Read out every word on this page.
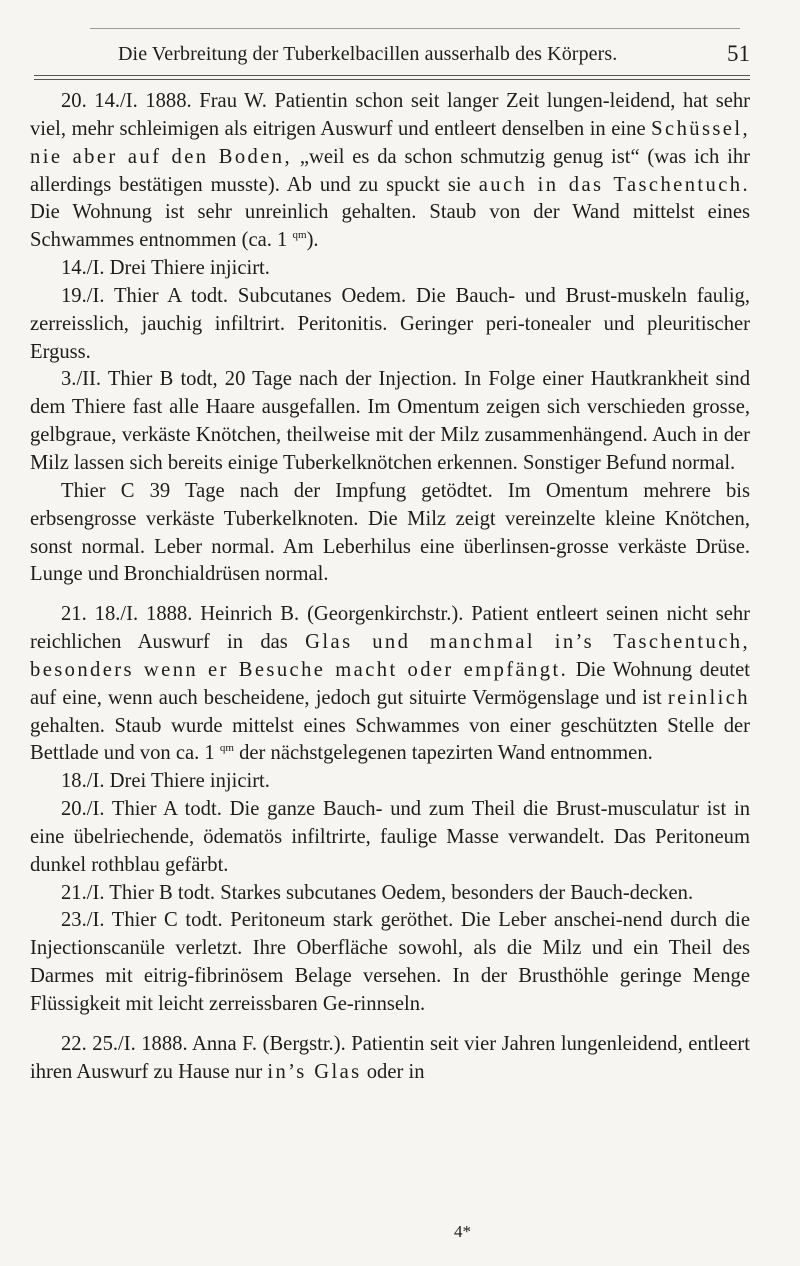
Die Verbreitung der Tuberkelbacillen ausserhalb des Körpers.	51

20. 14./I. 1888. Frau W. Patientin schon seit langer Zeit lungen-leidend, hat sehr viel, mehr schleimigen als eitrigen Auswurf und entleert denselben in eine Schüssel, nie aber auf den Boden, „weil es da schon schmutzig genug ist“ (was ich ihr allerdings bestätigen musste). Ab und zu spuckt sie auch in das Taschentuch. Die Wohnung ist sehr unreinlich gehalten. Staub von der Wand mittelst eines Schwammes entnommen (ca. 1 $^{qm}$).

14./I. Drei Thiere injicirt.

19./I. Thier A todt. Subcutanes Oedem. Die Bauch- und Brust-muskeln faulig, zerreisslich, jauchig infiltrirt. Peritonitis. Geringer peri-tonealer und pleuritischer Erguss.

3./II. Thier B todt, 20 Tage nach der Injection. In Folge einer Hautkrankheit sind dem Thiere fast alle Haare ausgefallen. Im Omentum zeigen sich verschieden grosse, gelbgraue, verkäste Knötchen, theilweise mit der Milz zusammenhängend. Auch in der Milz lassen sich bereits einige Tuberkelknötchen erkennen. Sonstiger Befund normal.

Thier C 39 Tage nach der Impfung getödtet. Im Omentum mehrere bis erbsengrosse verkäste Tuberkelknoten. Die Milz zeigt vereinzelte kleine Knötchen, sonst normal. Leber normal. Am Leberhilus eine überlinsen-grosse verkäste Drüse. Lunge und Bronchialdrüsen normal.

21. 18./I. 1888. Heinrich B. (Georgenkirchstr.). Patient entleert seinen nicht sehr reichlichen Auswurf in das Glas und manchmal in’s Taschentuch, besonders wenn er Besuche macht oder empfängt. Die Wohnung deutet auf eine, wenn auch bescheidene, jedoch gut situirte Vermögenslage und ist reinlich gehalten. Staub wurde mittelst eines Schwammes von einer geschützten Stelle der Bettlade und von ca. 1 $^{qm}$ der nächstgelegenen tapezirten Wand entnommen.

18./I. Drei Thiere injicirt.

20./I. Thier A todt. Die ganze Bauch- und zum Theil die Brust-musculatur ist in eine übelriechende, ödematös infiltrirte, faulige Masse verwandelt. Das Peritoneum dunkel rothblau gefärbt.

21./I. Thier B todt. Starkes subcutanes Oedem, besonders der Bauch-decken.

23./I. Thier C todt. Peritoneum stark geröthet. Die Leber anschei-nend durch die Injectionscanüle verletzt. Ihre Oberfläche sowohl, als die Milz und ein Theil des Darmes mit eitrig-fibrinösem Belage versehen. In der Brusthöhle geringe Menge Flüssigkeit mit leicht zerreissbaren Ge-rinnseln.

22. 25./I. 1888. Anna F. (Bergstr.). Patientin seit vier Jahren lungenleidend, entleert ihren Auswurf zu Hause nur in’s Glas oder in

4*
